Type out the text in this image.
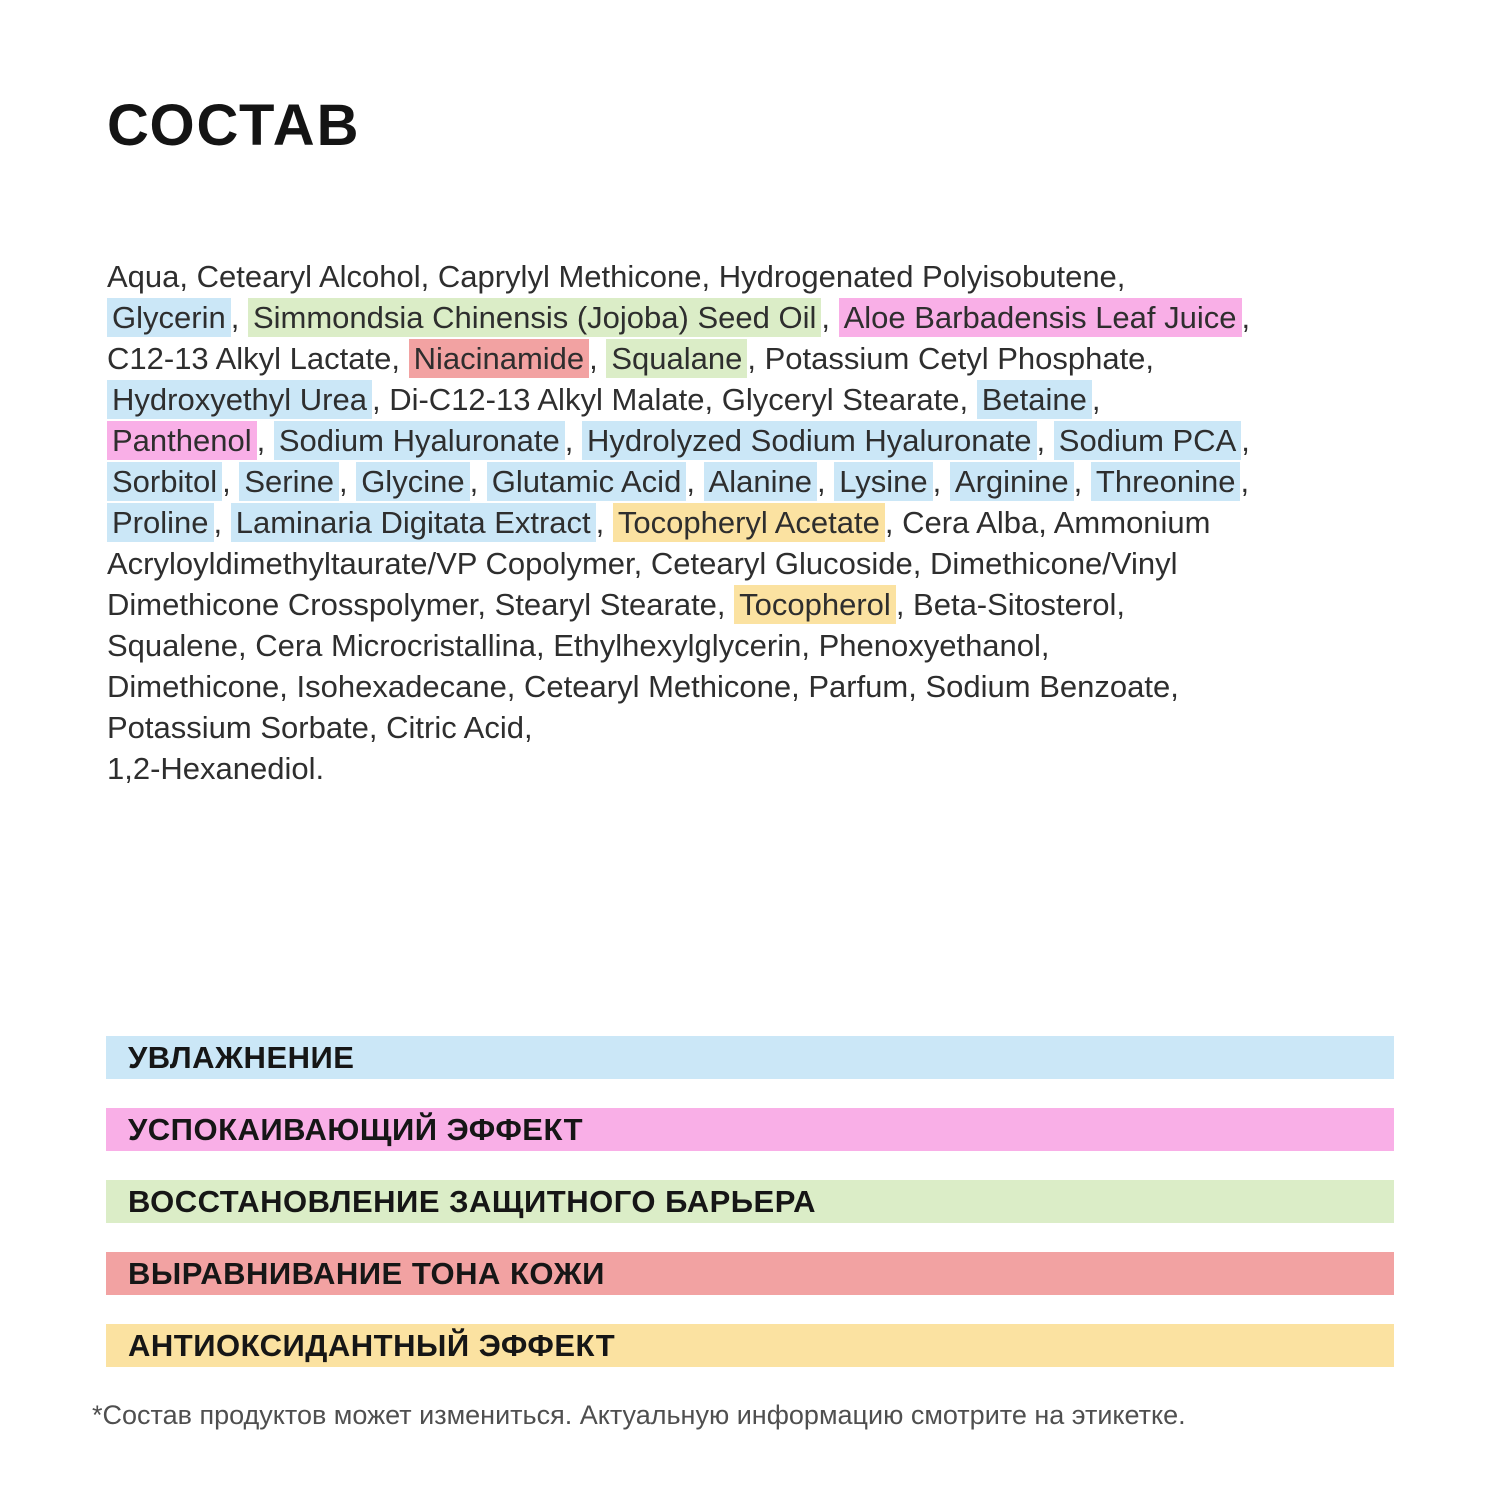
СОСТАВ
Aqua, Cetearyl Alcohol, Caprylyl Methicone, Hydrogenated Polyisobutene,
Glycerin , Simmondsia Chinensis (Jojoba) Seed Oil , Aloe Barbadensis Leaf Juice ,
C12-13 Alkyl Lactate, Niacinamide , Squalane , Potassium Cetyl Phosphate,
Hydroxyethyl Urea , Di-C12-13 Alkyl Malate, Glyceryl Stearate, Betaine ,
Panthenol , Sodium Hyaluronate , Hydrolyzed Sodium Hyaluronate , Sodium PCA ,
Sorbitol , Serine , Glycine , Glutamic Acid , Alanine , Lysine , Arginine , Threonine ,
Proline , Laminaria Digitata Extract , Tocopheryl Acetate , Cera Alba, Ammonium
Acryloyldimethyltaurate/VP Copolymer, Cetearyl Glucoside, Dimethicone/Vinyl
Dimethicone Crosspolymer, Stearyl Stearate, Tocopherol , Beta-Sitosterol,
Squalene, Cera Microcristallina, Ethylhexylglycerin, Phenoxyethanol,
Dimethicone, Isohexadecane, Cetearyl Methicone, Parfum, Sodium Benzoate,
Potassium Sorbate, Citric Acid,
1,2-Hexanediol.
УВЛАЖНЕНИЕ
УСПОКАИВАЮЩИЙ ЭФФЕКТ
ВОССТАНОВЛЕНИЕ ЗАЩИТНОГО БАРЬЕРА
ВЫРАВНИВАНИЕ ТОНА КОЖИ
АНТИОКСИДАНТНЫЙ ЭФФЕКТ

*Состав продуктов может измениться. Актуальную информацию смотрите на этикетке.
